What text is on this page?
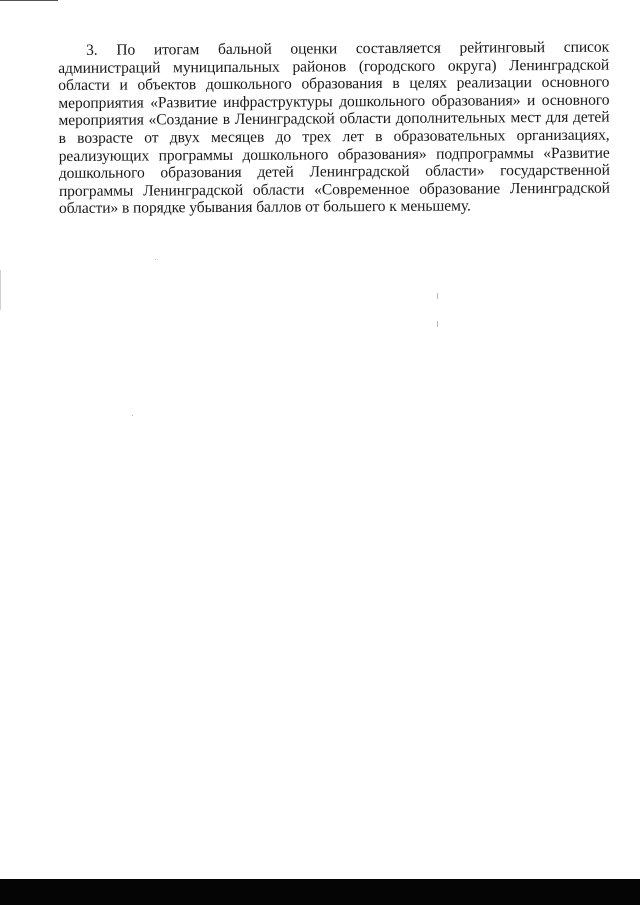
3. По итогам бальной оценки составляется рейтинговый список администраций муниципальных районов (городского округа) Ленинградской области и объектов дошкольного образования в целях реализации основного мероприятия «Развитие инфраструктуры дошкольного образования» и основного мероприятия «Создание в Ленинградской области дополнительных мест для детей в возрасте от двух месяцев до трех лет в образовательных организациях, реализующих программы дошкольного образования» подпрограммы «Развитие дошкольного образования детей Ленинградской области» государственной программы Ленинградской области «Современное образование Ленинградской области» в порядке убывания баллов от большего к меньшему.
